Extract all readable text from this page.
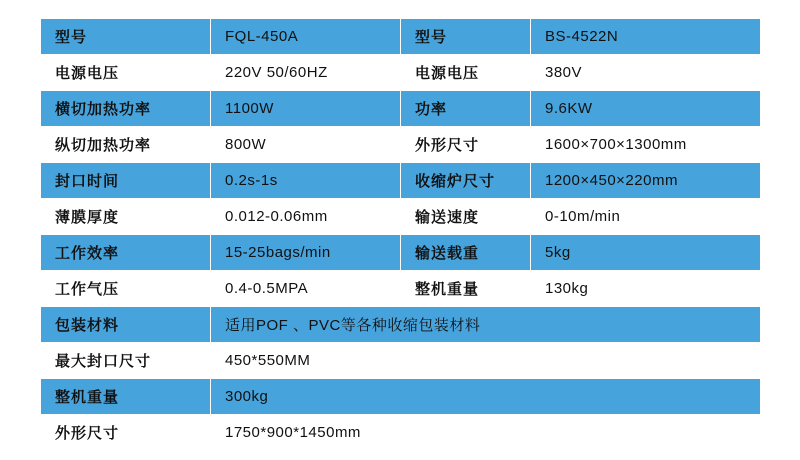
型号	FQL-450A	型号	BS-4522N
电源电压	220V 50/60HZ	电源电压	380V
横切加热功率	1100W	功率	9.6KW
纵切加热功率	800W	外形尺寸	1600×700×1300mm
封口时间	0.2s-1s	收缩炉尺寸	1200×450×220mm
薄膜厚度	0.012-0.06mm	输送速度	0-10m/min
工作效率	15-25bags/min	输送载重	5kg
工作气压	0.4-0.5MPA	整机重量	130kg
包装材料	适用POF 、PVC等各种收缩包装材料		
最大封口尺寸	450*550MM		
整机重量	300kg		
外形尺寸	1750*900*1450mm		
